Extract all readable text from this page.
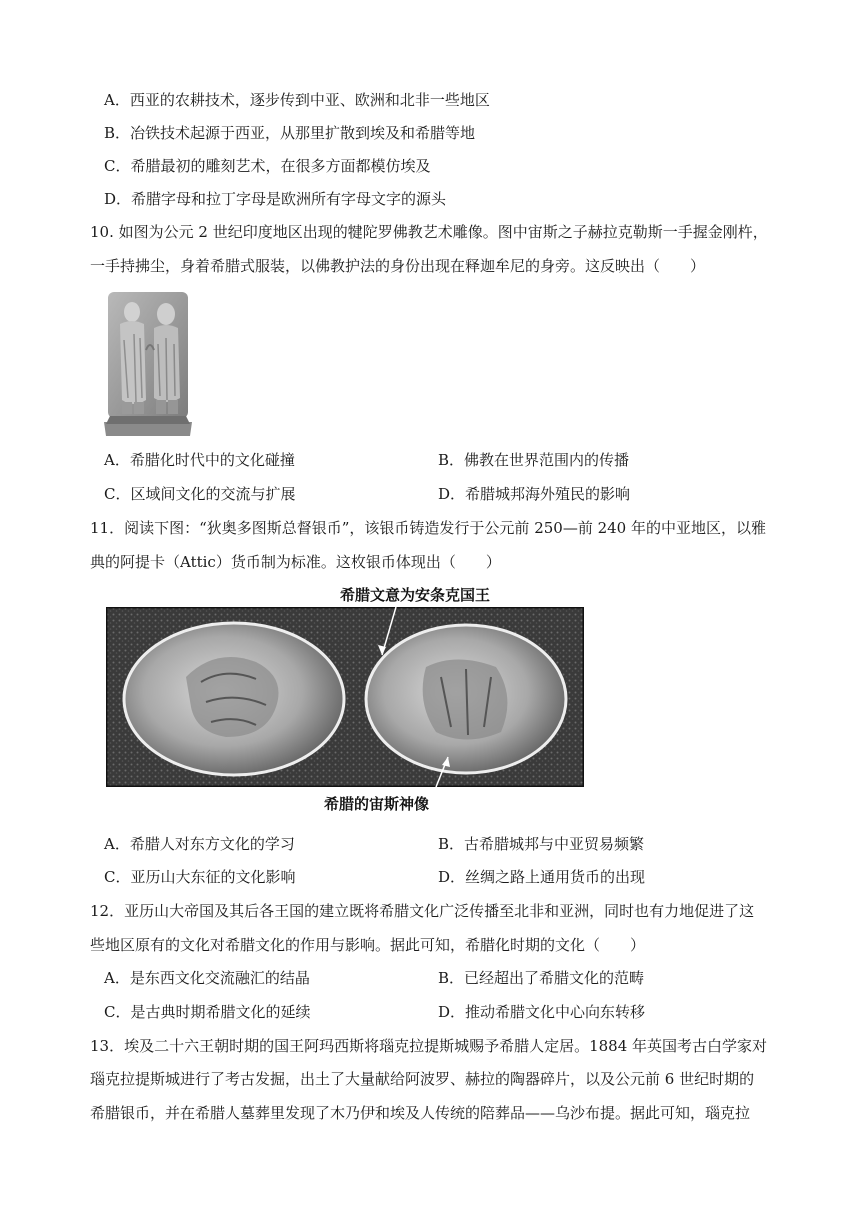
A．西亚的农耕技术，逐步传到中亚、欧洲和北非一些地区
B．冶铁技术起源于西亚，从那里扩散到埃及和希腊等地
C．希腊最初的雕刻艺术，在很多方面都模仿埃及
D．希腊字母和拉丁字母是欧洲所有字母文字的源头
10. 如图为公元 2 世纪印度地区出现的犍陀罗佛教艺术雕像。图中宙斯之子赫拉克勒斯一手握金刚杵，
一手持拂尘，身着希腊式服装，以佛教护法的身份出现在释迦牟尼的身旁。这反映出（　　）
A．希腊化时代中的文化碰撞	B．佛教在世界范围内的传播
C．区域间文化的交流与扩展	D．希腊城邦海外殖民的影响
11．阅读下图：“狄奥多图斯总督银币”，该银币铸造发行于公元前 250—前 240 年的中亚地区，以雅
典的阿提卡（Attic）货币制为标准。这枚银币体现出（　　）
希腊文意为安条克国王
希腊的宙斯神像
A．希腊人对东方文化的学习	B．古希腊城邦与中亚贸易频繁
C．亚历山大东征的文化影响	D．丝绸之路上通用货币的出现
12．亚历山大帝国及其后各王国的建立既将希腊文化广泛传播至北非和亚洲，同时也有力地促进了这
些地区原有的文化对希腊文化的作用与影响。据此可知，希腊化时期的文化（　　）
A．是东西文化交流融汇的结晶	B．已经超出了希腊文化的范畴
C．是古典时期希腊文化的延续	D．推动希腊文化中心向东转移
13．埃及二十六王朝时期的国王阿玛西斯将瑙克拉提斯城赐予希腊人定居。1884 年英国考古白学家对
瑙克拉提斯城进行了考古发掘，出土了大量献给阿波罗、赫拉的陶器碎片，以及公元前 6 世纪时期的
希腊银币，并在希腊人墓葬里发现了木乃伊和埃及人传统的陪葬品——乌沙布提。据此可知，瑙克拉
